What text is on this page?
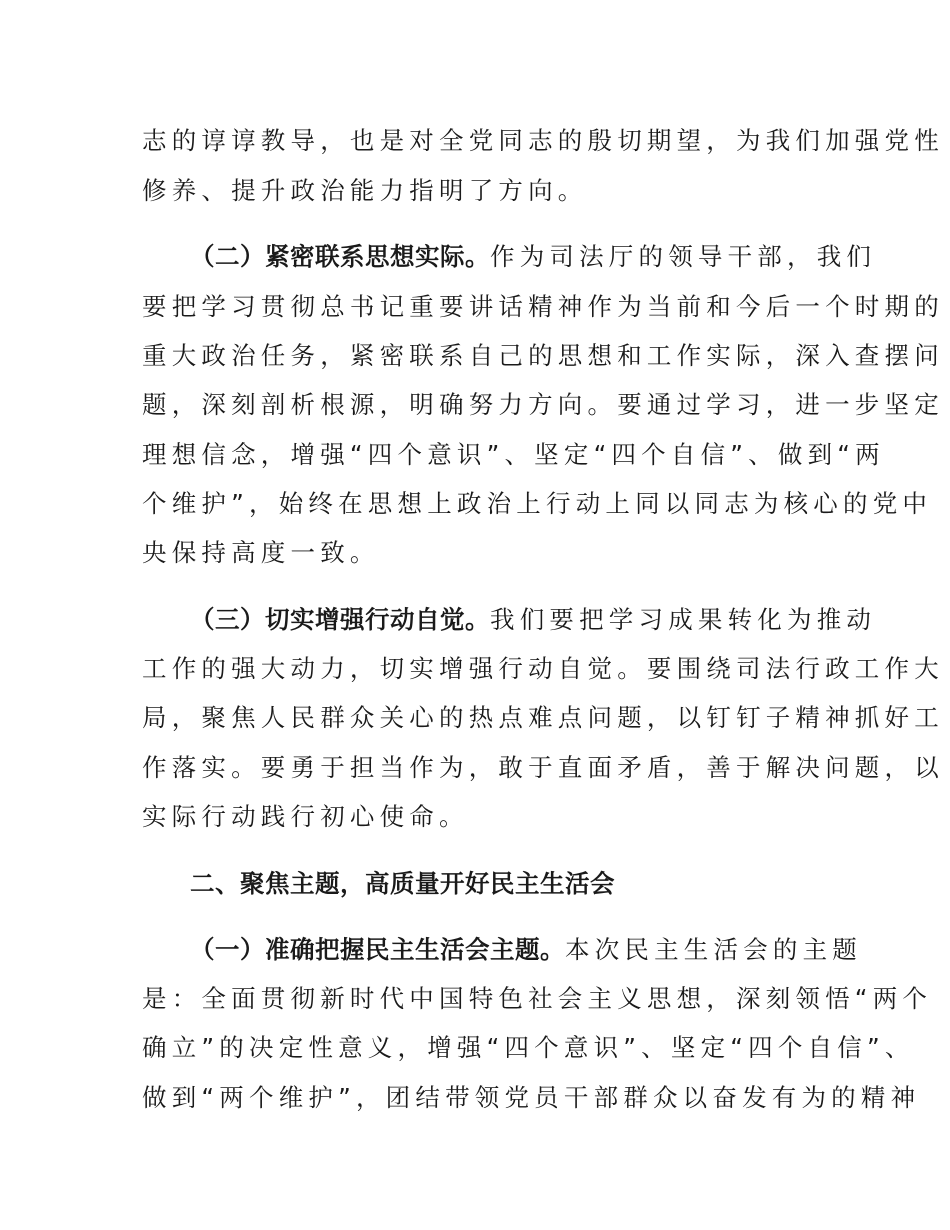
志的谆谆教导，也是对全党同志的殷切期望，为我们加强党性
修养、提升政治能力指明了方向。
（二）紧密联系思想实际。作为司法厅的领导干部，我们
要把学习贯彻总书记重要讲话精神作为当前和今后一个时期的
重大政治任务，紧密联系自己的思想和工作实际，深入查摆问
题，深刻剖析根源，明确努力方向。要通过学习，进一步坚定
理想信念，增强“四个意识”、坚定“四个自信”、做到“两
个维护”，始终在思想上政治上行动上同以同志为核心的党中
央保持高度一致。
（三）切实增强行动自觉。我们要把学习成果转化为推动
工作的强大动力，切实增强行动自觉。要围绕司法行政工作大
局，聚焦人民群众关心的热点难点问题，以钉钉子精神抓好工
作落实。要勇于担当作为，敢于直面矛盾，善于解决问题，以
实际行动践行初心使命。
二、聚焦主题，高质量开好民主生活会
（一）准确把握民主生活会主题。本次民主生活会的主题
是：全面贯彻新时代中国特色社会主义思想，深刻领悟“两个
确立”的决定性意义，增强“四个意识”、坚定“四个自信”、
做到“两个维护”，团结带领党员干部群众以奋发有为的精神
